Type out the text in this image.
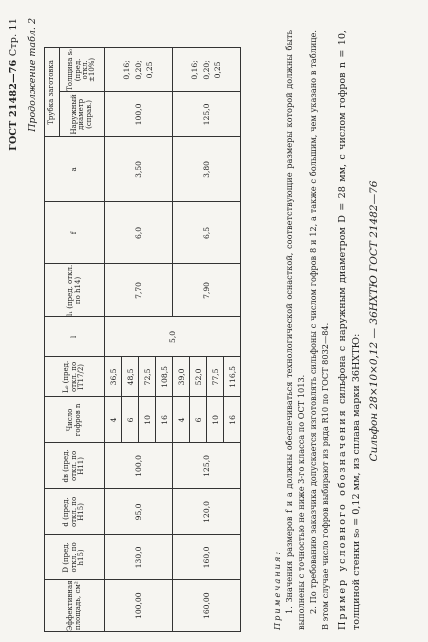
ГОСТ 21482—76 Стр. 11 Продолжение табл. 2
Эффективная площадь, см²	D (пред. откл. по h15)	d (пред. откл. по H15)	dв (пред. откл. по H11)	Число гофров n	L₀ (пред. откл. по IT17/2)	l	l₁ (пред. откл. по h14)	f	a	Трубка заготовка	
										Наружный диаметр (справ.)	Толщина s₀ (пред. откл. ±10%)
100,00	130,0	95,0	100,0	4	36,5	5,0	7,70	6,0	3,50	100,0	0,16;
0,20;
0,25
				6	48,5						
				10	72,5						
				16	108,5						
160,00	160,0	120,0	125,0	4	39,0		7,90	6,5	3,80	125,0	0,16;
0,20;
0,25
				6	52,0						
				10	77,5						
				16	116,5						

Примечания: 1. Значения размеров f и a должны обеспечиваться технологической оснасткой, соответствующие размеры которой должны быть выполнены с точностью не ниже 3-го класса по ОСТ 1013. 2. По требованию заказчика допускается изготовлять сильфоны с числом гофров 8 и 12, а также с большим, чем указано в таблице. В этом случае число гофров выбирают из ряда R10 по ГОСТ 8032—84. Пример условного обозначения сильфона с наружным диаметром D = 28 мм, с числом гофров n = 10, толщиной стенки s₀ = 0,12 мм, из сплава марки 36НХТЮ:
Сильфон 28×10×0,12 — 36НХТЮ ГОСТ 21482—76
